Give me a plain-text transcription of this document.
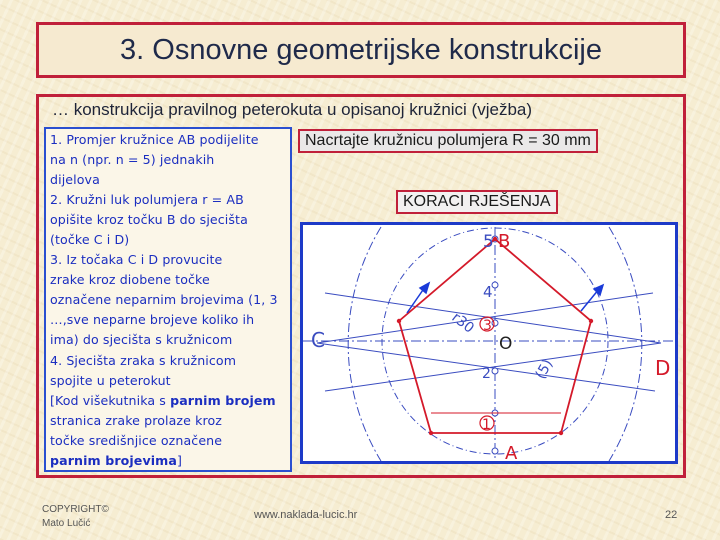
3. Osnovne geometrijske konstrukcije
… konstrukcija pravilnog peterokuta u opisanoj kružnici (vježba)

1. Promjer kružnice AB podijelite
na n (npr. n = 5) jednakih
dijelova

2. Kružni luk polumjera r = AB
opišite kroz točku B do sjecišta
(točke C i D)

3. Iz točaka C i D provucite
zrake kroz diobene točke
označene neparnim brojevima (1, 3
…,sve neparne brojeve koliko ih
ima) do sjecišta s kružnicom

4. Sjecišta zraka s kružnicom
spojite u peterokut

[Kod višekutnika s parnim brojem
stranica zrake prolaze kroz
točke središnjice označene
parnim brojevima]

Nacrtajte kružnicu polumjera R = 30 mm
KORACI RJEŠENJA
5 B
4
r30 3
O
2	(5)
1
A
C
D
COPYRIGHT©
Mato Lučić
www.naklada-lucic.hr	22
